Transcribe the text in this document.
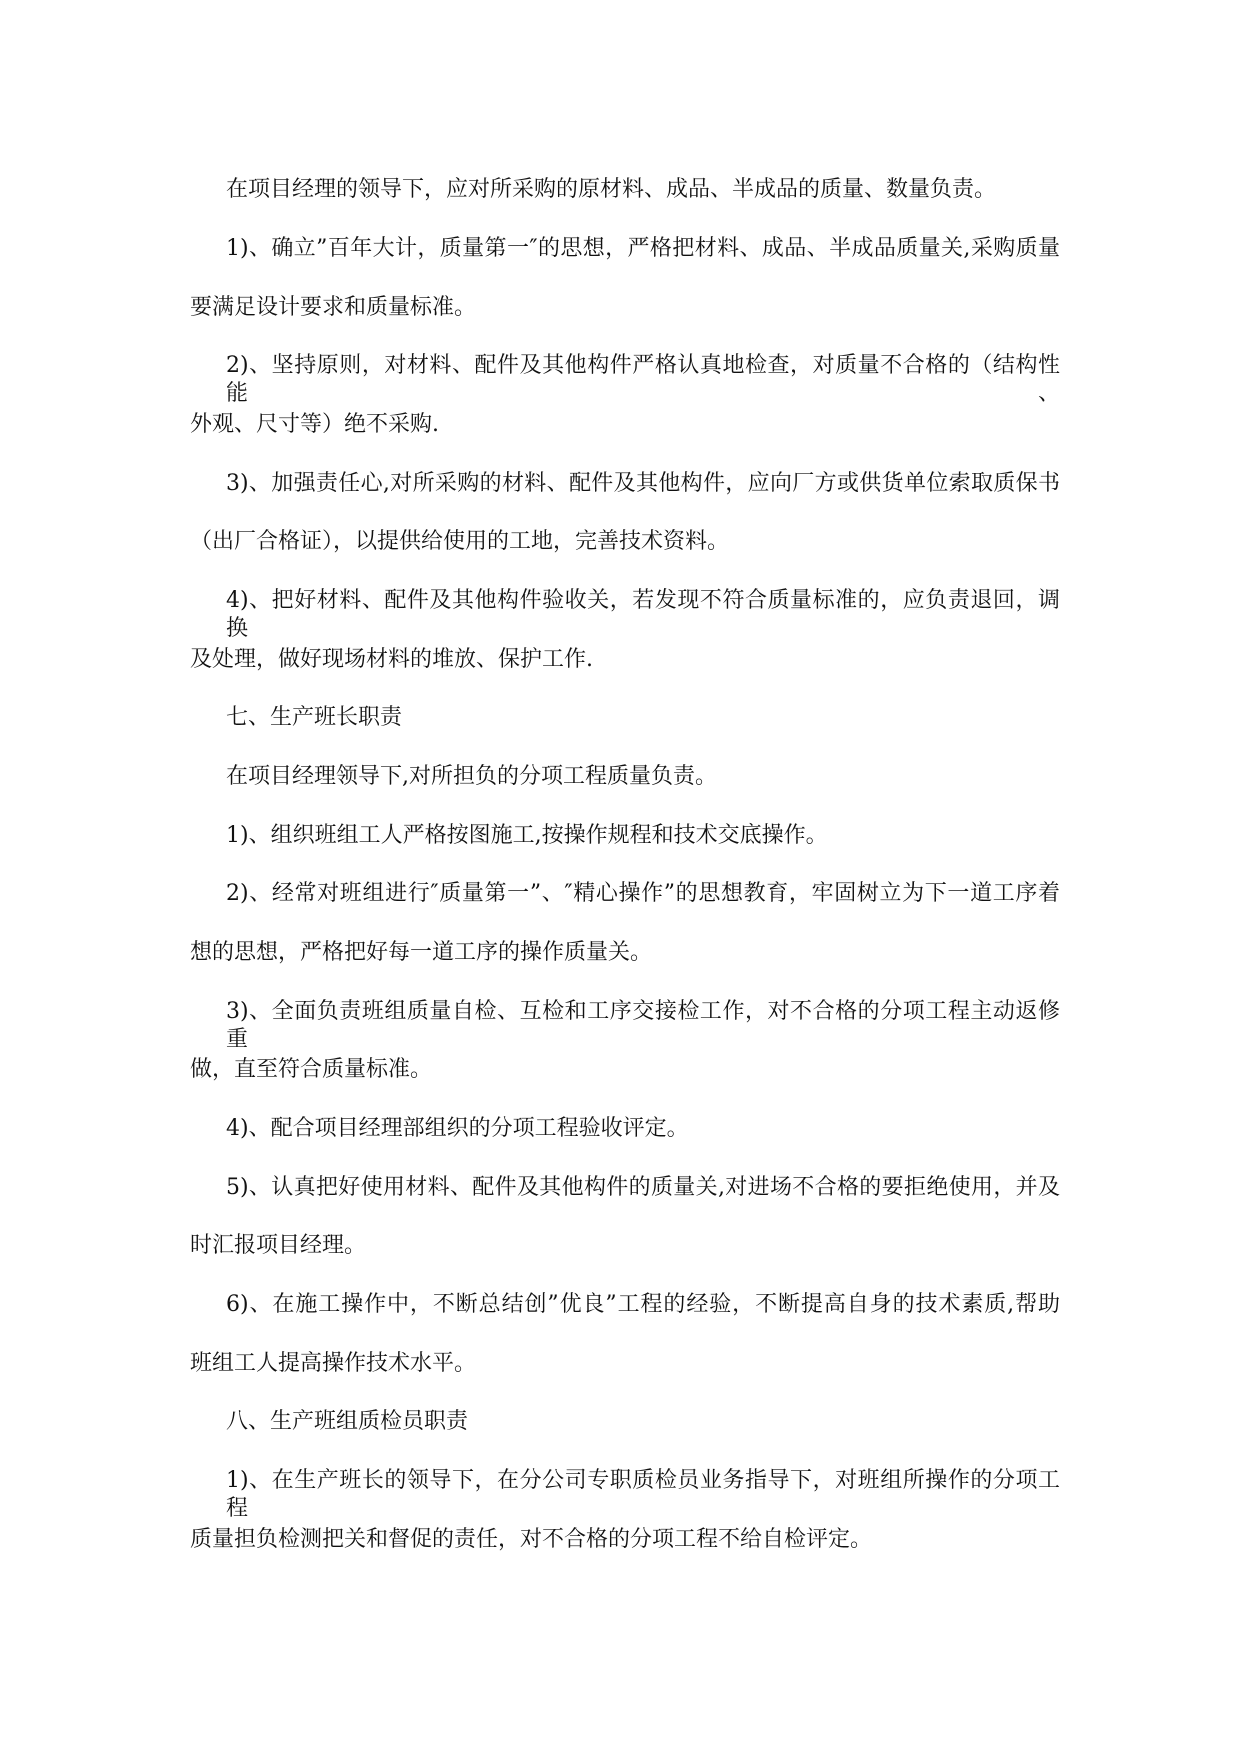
在项目经理的领导下，应对所采购的原材料、成品、半成品的质量、数量负责。
1)、确立”百年大计，质量第一″的思想，严格把材料、成品、半成品质量关,采购质量
要满足设计要求和质量标准。
2)、坚持原则，对材料、配件及其他构件严格认真地检查，对质量不合格的（结构性能、
外观、尺寸等）绝不采购.
3)、加强责任心,对所采购的材料、配件及其他构件，应向厂方或供货单位索取质保书
（出厂合格证），以提供给使用的工地，完善技术资料。
4)、把好材料、配件及其他构件验收关，若发现不符合质量标准的，应负责退回，调换
及处理，做好现场材料的堆放、保护工作.
七、生产班长职责
在项目经理领导下,对所担负的分项工程质量负责。
1)、组织班组工人严格按图施工,按操作规程和技术交底操作。
2)、经常对班组进行″质量第一”、″精心操作”的思想教育，牢固树立为下一道工序着
想的思想，严格把好每一道工序的操作质量关。
3)、全面负责班组质量自检、互检和工序交接检工作，对不合格的分项工程主动返修重
做，直至符合质量标准。
4)、配合项目经理部组织的分项工程验收评定。
5)、认真把好使用材料、配件及其他构件的质量关,对进场不合格的要拒绝使用，并及
时汇报项目经理。
6)、在施工操作中，不断总结创”优良”工程的经验，不断提高自身的技术素质,帮助
班组工人提高操作技术水平。
八、生产班组质检员职责
1)、在生产班长的领导下，在分公司专职质检员业务指导下，对班组所操作的分项工程
质量担负检测把关和督促的责任，对不合格的分项工程不给自检评定。
